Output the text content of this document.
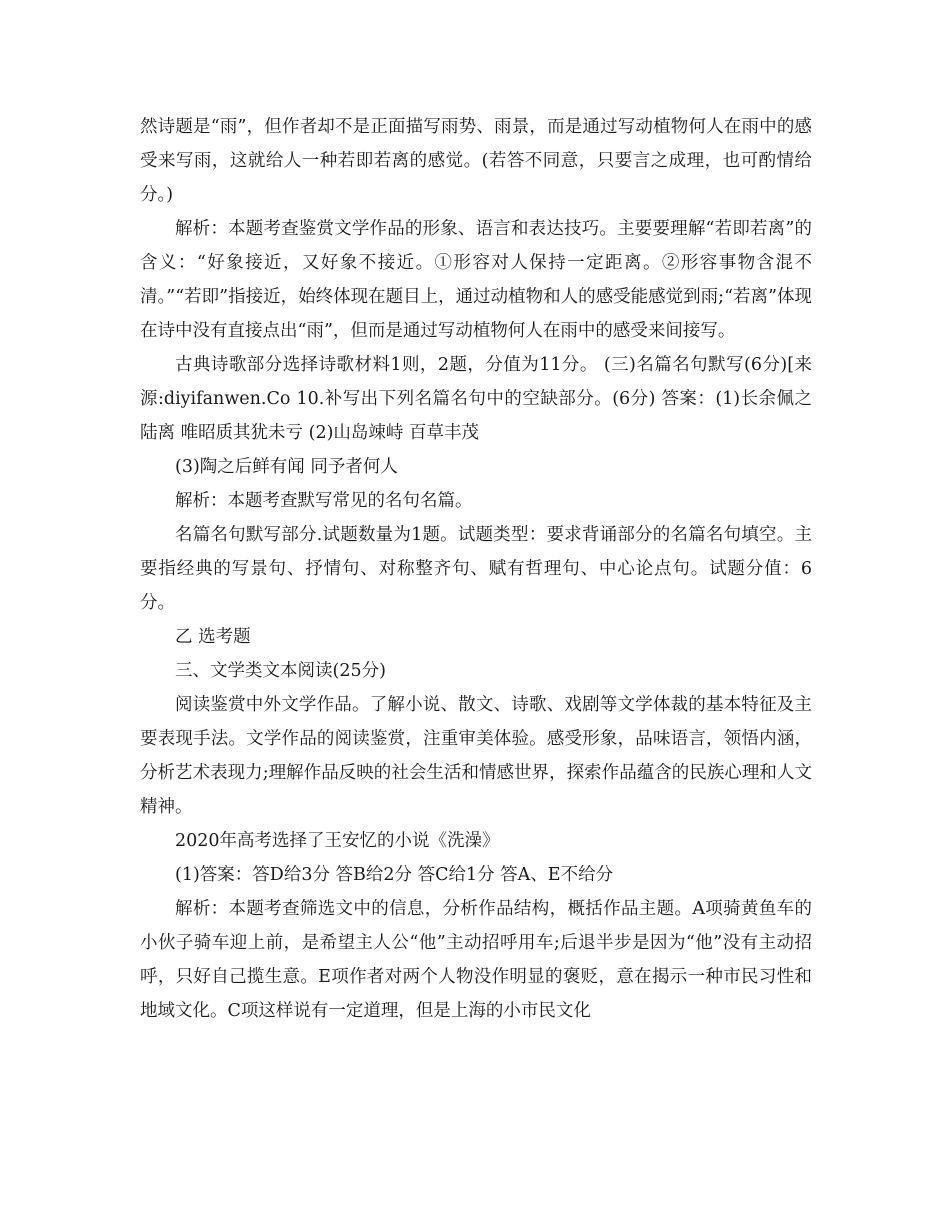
然诗题是“雨”，但作者却不是正面描写雨势、雨景，而是通过写动植物何人在雨中的感受来写雨，这就给人一种若即若离的感觉。(若答不同意，只要言之成理，也可酌情给分。)

解析：本题考查鉴赏文学作品的形象、语言和表达技巧。主要要理解“若即若离”的含义：“好象接近，又好象不接近。①形容对人保持一定距离。②形容事物含混不清。”“若即”指接近，始终体现在题目上，通过动植物和人的感受能感觉到雨;“若离”体现在诗中没有直接点出“雨”，但而是通过写动植物何人在雨中的感受来间接写。

古典诗歌部分选择诗歌材料1则，2题，分值为11分。 (三)名篇名句默写(6分)[来源:diyifanwen.Co 10.补写出下列名篇名句中的空缺部分。(6分) 答案：(1)长余佩之陆离 唯昭质其犹未亏 (2)山岛竦峙 百草丰茂

(3)陶之后鲜有闻 同予者何人

解析：本题考查默写常见的名句名篇。

名篇名句默写部分.试题数量为1题。试题类型：要求背诵部分的名篇名句填空。主要指经典的写景句、抒情句、对称整齐句、赋有哲理句、中心论点句。试题分值：6分。

乙 选考题

三、文学类文本阅读(25分)

阅读鉴赏中外文学作品。了解小说、散文、诗歌、戏剧等文学体裁的基本特征及主要表现手法。文学作品的阅读鉴赏，注重审美体验。感受形象，品味语言，领悟内涵，分析艺术表现力;理解作品反映的社会生活和情感世界，探索作品蕴含的民族心理和人文精神。

2020年高考选择了王安忆的小说《洗澡》

(1)答案：答D给3分 答B给2分 答C给1分 答A、E不给分

解析：本题考查筛选文中的信息，分析作品结构，概括作品主题。A项骑黄鱼车的小伙子骑车迎上前，是希望主人公“他”主动招呼用车;后退半步是因为“他”没有主动招呼，只好自己揽生意。E项作者对两个人物没作明显的褒贬，意在揭示一种市民习性和地域文化。C项这样说有一定道理，但是上海的小市民文化
